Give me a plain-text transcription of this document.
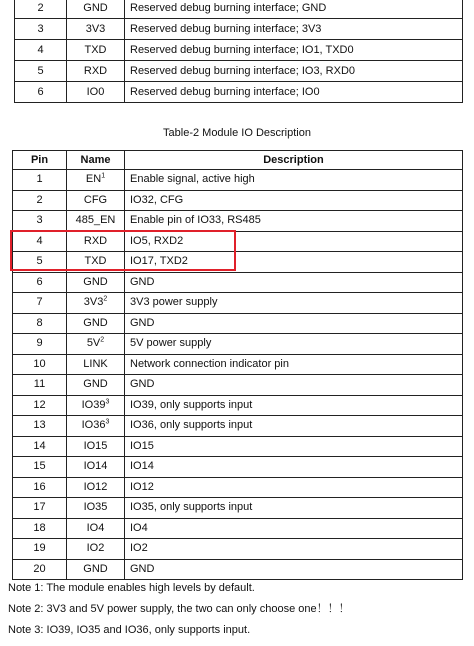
2	GND	Reserved debug burning interface; GND
3	3V3	Reserved debug burning interface; 3V3
4	TXD	Reserved debug burning interface; IO1, TXD0
5	RXD	Reserved debug burning interface; IO3, RXD0
6	IO0	Reserved debug burning interface; IO0
Table-2 Module IO Description
Pin	Name	Description
1	$EN^1$	Enable signal, active high
2	CFG	IO32, CFG
3	485_EN	Enable pin of IO33, RS485
4	RXD	IO5, RXD2
5	TXD	IO17, TXD2
6	GND	GND
7	$3V3^2$	3V3 power supply
8	GND	GND
9	$5V^2$	5V power supply
10	LINK	Network connection indicator pin
11	GND	GND
12	$IO39^3$	IO39, only supports input
13	$IO36^3$	IO36, only supports input
14	IO15	IO15
15	IO14	IO14
16	IO12	IO12
17	IO35	IO35, only supports input
18	IO4	IO4
19	IO2	IO2
20	GND	GND
Note 1: The module enables high levels by default.
Note 2: 3V3 and 5V power supply, the two can only choose one！！！
Note 3: IO39, IO35 and IO36, only supports input.
